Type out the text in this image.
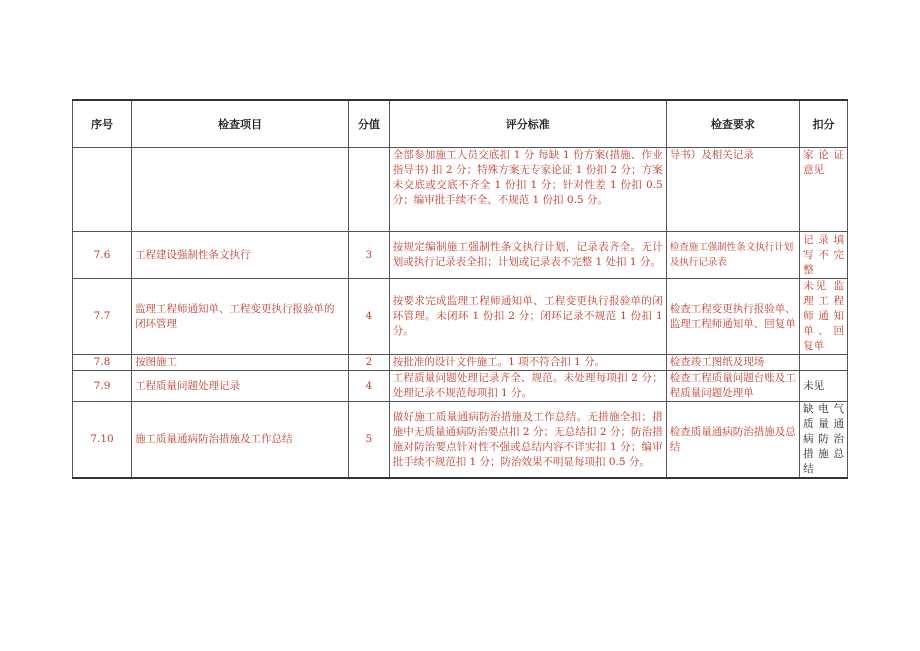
序号	检查项目	分值	评分标准	检查要求	扣分
			全部参加施工人员交底扣 1 分 每缺 1 份方案(措施、作业指导书) 扣 2 分；特殊方案无专家论证 1 份扣 2 分；方案未交底或交底不齐全 1 份扣 1 分；针对性差 1 份扣 0.5 分；编审批手续不全、不规范 1 份扣 0.5 分。	导书）及相关记录	家 论 证 意见
7.6	工程建设强制性条文执行	3	按规定编制施工强制性条文执行计划，记录表齐全。无计划或执行记录表全扣；计划或记录表不完整 1 处扣 1 分。	检查施工强制性条文执行计划及执行记录表	记 录 填 写 不 完 整
7.7	监理工程师通知单、工程变更执行报验单的闭环管理	4	按要求完成监理工程师通知单、工程变更执行报验单的闭环管理。未闭环 1 份扣 2 分；闭环记录不规范 1 份扣 1 分。	检查工程变更执行报验单、监理工程师通知单、回复单	未见 监 理 工 程 师 通 知 单、回复单
7.8	按图施工	2	按批准的设计文件施工。1 项不符合扣 1 分。	检查竣工图纸及现场	
7.9	工程质量问题处理记录	4	工程质量问题处理记录齐全、规范。未处理每项扣 2 分；处理记录不规范每项扣 1 分。	检查工程质量问题台账及工程质量问题处理单	未见
7.10	施工质量通病防治措施及工作总结	5	做好施工质量通病防治措施及工作总结。无措施全扣；措施中无质量通病防治要点扣 2 分；无总结扣 2 分；防治措施对防治要点针对性不强或总结内容不详实扣 1 分；编审批手续不规范扣 1 分；防治效果不明显每项扣 0.5 分。	检查质量通病防治措施及总结	缺 电 气 质 量 通 病 防 治 措 施 总 结
